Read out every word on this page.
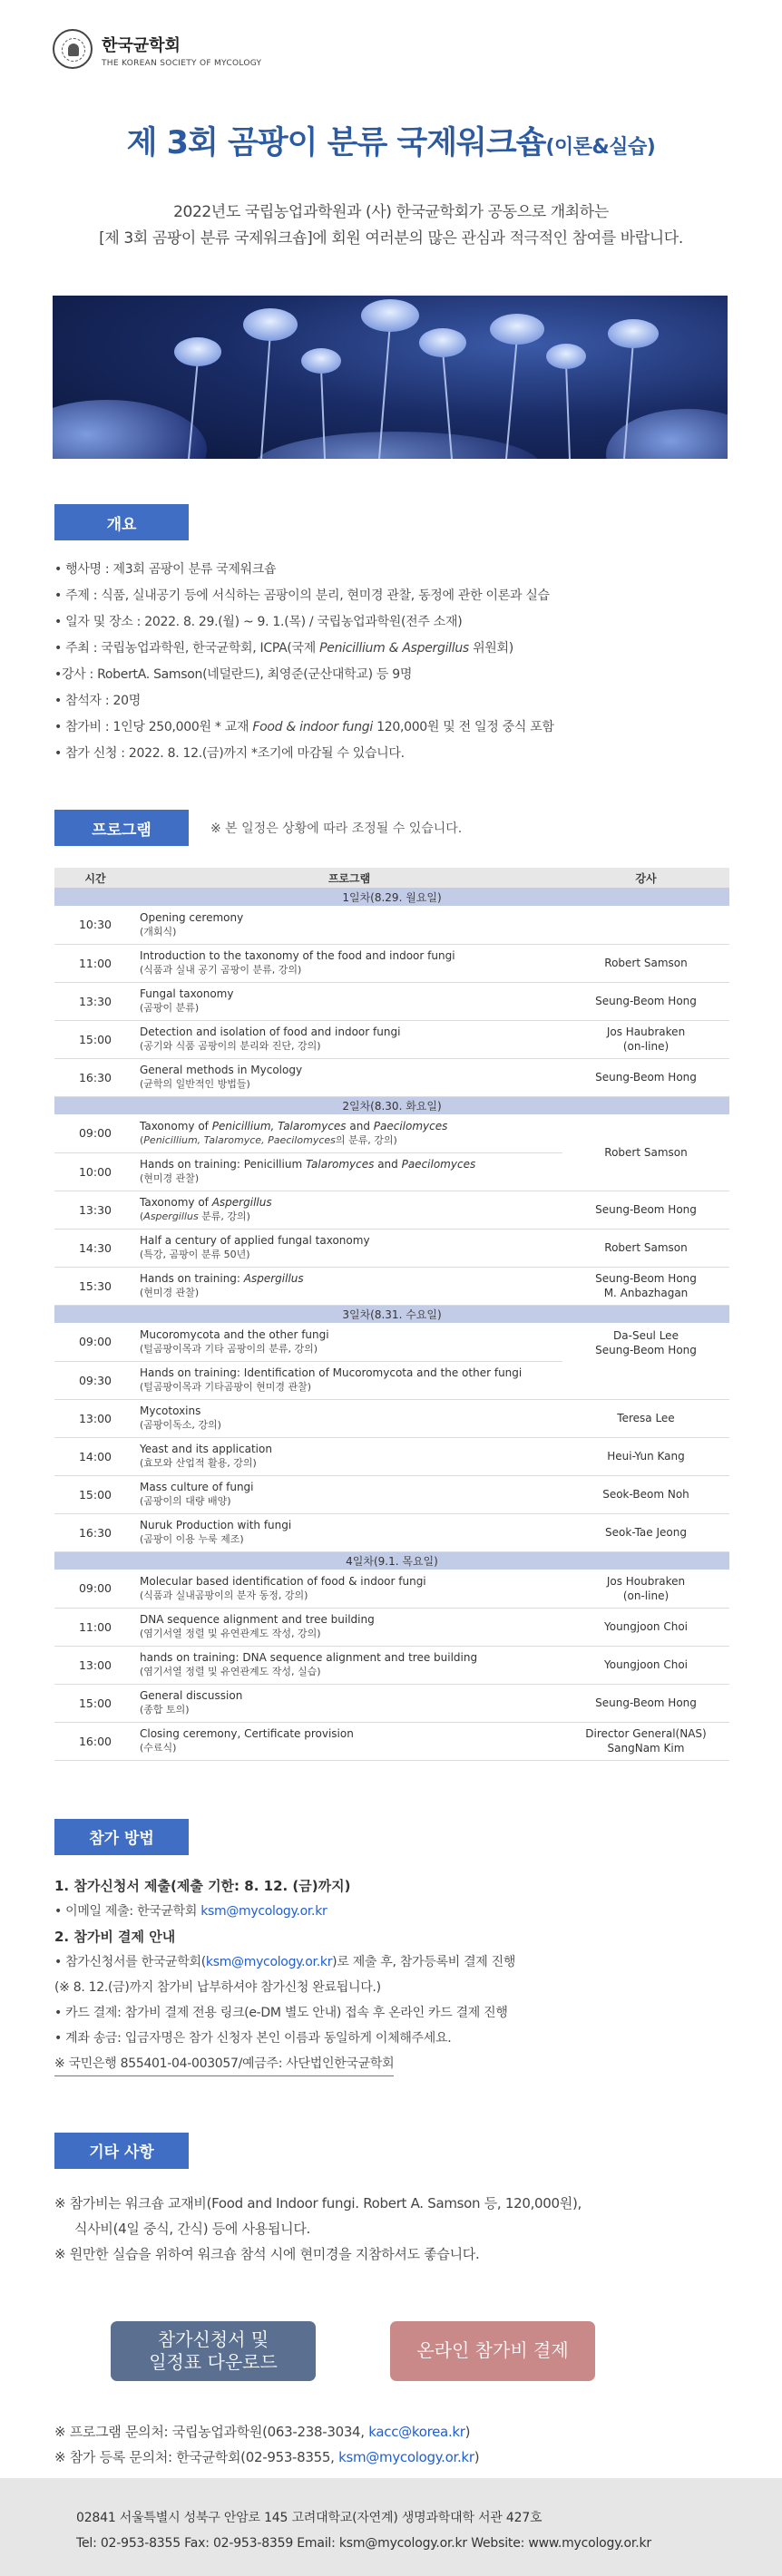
한국균학회
THE KOREAN SOCIETY OF MYCOLOGY
제 3회 곰팡이 분류 국제워크숍(이론&실습)
2022년도 국립농업과학원과 (사) 한국균학회가 공동으로 개최하는
[제 3회 곰팡이 분류 국제워크숍]에 회원 여러분의 많은 관심과 적극적인 참여를 바랍니다.
개요
• 행사명 : 제3회 곰팡이 분류 국제워크숍
• 주제 : 식품, 실내공기 등에 서식하는 곰팡이의 분리, 현미경 관찰, 동정에 관한 이론과 실습
• 일자 및 장소 : 2022. 8. 29.(월) ~ 9. 1.(목) / 국립농업과학원(전주 소재)
• 주최 : 국립농업과학원, 한국균학회, ICPA(국제 Penicillium & Aspergillus 위원회)
•강사 : RobertA. Samson(네덜란드), 최영준(군산대학교) 등 9명
• 참석자 : 20명
• 참가비 : 1인당 250,000원 * 교재 Food & indoor fungi 120,000원 및 전 일정 중식 포함
• 참가 신청 : 2022. 8. 12.(금)까지 *조기에 마감될 수 있습니다.
프로그램	※ 본 일정은 상황에 따라 조정될 수 있습니다.
시간	프로그램	강사
1일차(8.29. 월요일)		
10:30	Opening ceremony
(개회식)	

11:00	Introduction to the taxonomy of the food and indoor fungi
(식품과 실내 공기 곰팡이 분류, 강의)	Robert Samson
13:30	Fungal taxonomy
(곰팡이 분류)	Seung-Beom Hong
15:00	Detection and isolation of food and indoor fungi
(공기와 식품 곰팡이의 분리와 진단, 강의)	Jos Haubraken
(on-line)
16:30	General methods in Mycology
(균학의 일반적인 방법들)	Seung-Beom Hong
2일차(8.30. 화요일)		
09:00	Taxonomy of Penicillium, Talaromyces and Paecilomyces
(Penicillium, Talaromyce, Paecilomyces의 분류, 강의)	Robert Samson
10:00	Hands on training: Penicillium Talaromyces and Paecilomyces
(현미경 관찰)	

13:30	Taxonomy of Aspergillus
(Aspergillus 분류, 강의)	Seung-Beom Hong
14:30	Half a century of applied fungal taxonomy
(특강, 곰팡이 분류 50년)	Robert Samson
15:30	Hands on training: Aspergillus
(현미경 관찰)	Seung-Beom Hong
M. Anbazhagan
3일차(8.31. 수요일)		
09:00	Mucoromycota and the other fungi
(털곰팡이목과 기타 곰팡이의 분류, 강의)	Da-Seul Lee
Seung-Beom Hong
09:30	Hands on training: Identification of Mucoromycota and the other fungi
(털곰팡이목과 기타곰팡이 현미경 관찰)	

13:00	Mycotoxins
(곰팡이독소, 강의)	Teresa Lee
14:00	Yeast and its application
(효모와 산업적 활용, 강의)	Heui-Yun Kang
15:00	Mass culture of fungi
(곰팡이의 대량 배양)	Seok-Beom Noh
16:30	Nuruk Production with fungi
(곰팡이 이용 누룩 제조)	Seok-Tae Jeong
4일차(9.1. 목요일)		
09:00	Molecular based identification of food & indoor fungi
(식품과 실내곰팡이의 분자 동정, 강의)	Jos Houbraken
(on-line)
11:00	DNA sequence alignment and tree building
(염기서열 정렬 및 유연관계도 작성, 강의)	Youngjoon Choi
13:00	hands on training: DNA sequence alignment and tree building
(염기서열 정렬 및 유연관계도 작성, 실습)	Youngjoon Choi
15:00	General discussion
(종합 토의)	Seung-Beom Hong
16:00	Closing ceremony, Certificate provision
(수료식)	Director General(NAS)
SangNam Kim
참가 방법
1. 참가신청서 제출(제출 기한: 8. 12. (금)까지)
• 이메일 제출: 한국균학회 ksm@mycology.or.kr
2. 참가비 결제 안내
• 참가신청서를 한국균학회(ksm@mycology.or.kr)로 제출 후, 참가등록비 결제 진행
(※ 8. 12.(금)까지 참가비 납부하셔야 참가신청 완료됩니다.)
• 카드 결제: 참가비 결제 전용 링크(e-DM 별도 안내) 접속 후 온라인 카드 결제 진행
• 계좌 송금: 입금자명은 참가 신청자 본인 이름과 동일하게 이체해주세요.
※ 국민은행 855401-04-003057/예금주: 사단법인한국균학회
기타 사항
※ 참가비는 워크숍 교재비(Food and Indoor fungi. Robert A. Samson 등, 120,000원),
식사비(4일 중식, 간식) 등에 사용됩니다.
※ 원만한 실습을 위하여 워크숍 참석 시에 현미경을 지참하셔도 좋습니다.
참가신청서 및
일정표 다운로드
온라인 참가비 결제
※ 프로그램 문의처: 국립농업과학원(063-238-3034, kacc@korea.kr)
※ 참가 등록 문의처: 한국균학회(02-953-8355, ksm@mycology.or.kr)
02841 서울특별시 성북구 안암로 145 고려대학교(자연계) 생명과학대학 서관 427호
Tel: 02-953-8355 Fax: 02-953-8359 Email: ksm@mycology.or.kr Website: www.mycology.or.kr
